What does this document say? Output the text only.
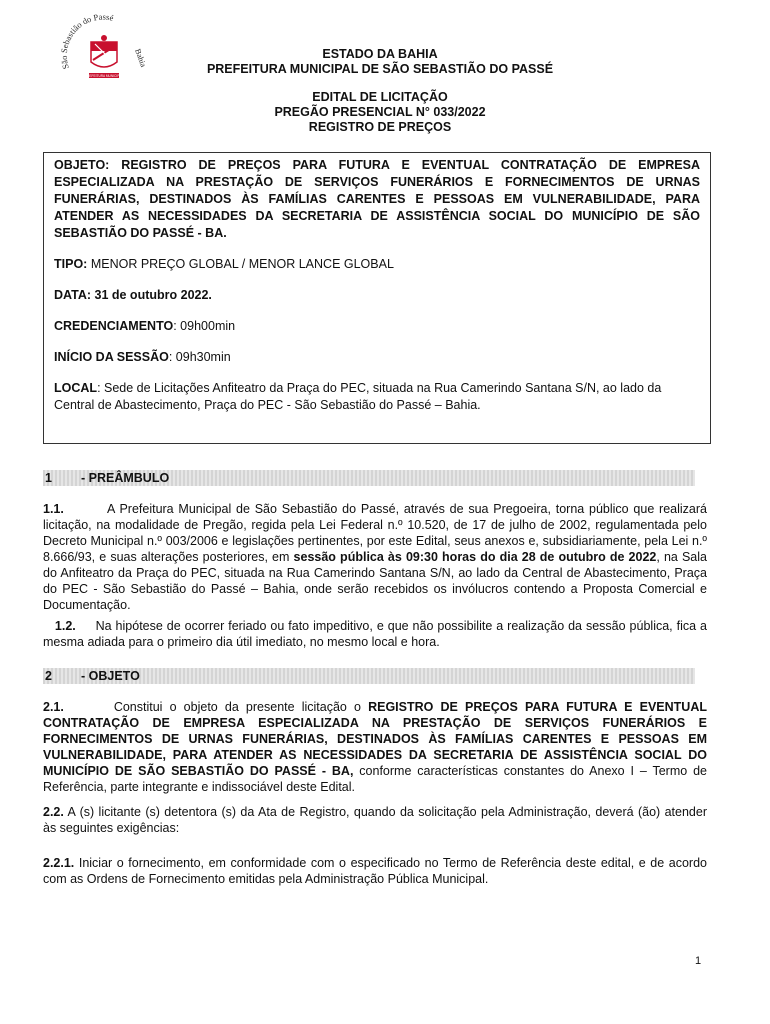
São Sebastião do Passé
Bahia
PREFEITURA MUNICIPAL
ESTADO DA BAHIA
PREFEITURA MUNICIPAL DE SÃO SEBASTIÃO DO PASSÉ
EDITAL DE LICITAÇÃO
PREGÃO PRESENCIAL N° 033/2022
REGISTRO DE PREÇOS

OBJETO: REGISTRO DE PREÇOS PARA FUTURA E EVENTUAL CONTRATAÇÃO DE EMPRESA ESPECIALIZADA NA PRESTAÇÃO DE SERVIÇOS FUNERÁRIOS E FORNECIMENTOS DE URNAS FUNERÁRIAS, DESTINADOS ÀS FAMÍLIAS CARENTES E PESSOAS EM VULNERABILIDADE, PARA ATENDER AS NECESSIDADES DA SECRETARIA DE ASSISTÊNCIA SOCIAL DO MUNICÍPIO DE SÃO SEBASTIÃO DO PASSÉ - BA.

TIPO: MENOR PREÇO GLOBAL / MENOR LANCE GLOBAL

DATA: 31 de outubro 2022.

CREDENCIAMENTO: 09h00min

INÍCIO DA SESSÃO: 09h30min

LOCAL: Sede de Licitações Anfiteatro da Praça do PEC, situada na Rua Camerindo Santana S/N, ao lado da Central de Abastecimento, Praça do PEC - São Sebastião do Passé – Bahia.

1 - PREÂMBULO

1.1.	A Prefeitura Municipal de São Sebastião do Passé, através de sua Pregoeira, torna público que realizará licitação, na modalidade de Pregão, regida pela Lei Federal n.º 10.520, de 17 de julho de 2002, regulamentada pelo Decreto Municipal n.º 003/2006 e legislações pertinentes, por este Edital, seus anexos e, subsidiariamente, pela Lei n.º 8.666/93, e suas alterações posteriores, em sessão pública às 09:30 horas do dia 28 de outubro de 2022, na Sala do Anfiteatro da Praça do PEC, situada na Rua Camerindo Santana S/N, ao lado da Central de Abastecimento, Praça do PEC - São Sebastião do Passé – Bahia, onde serão recebidos os invólucros contendo a Proposta Comercial e Documentação.

1.2. Na hipótese de ocorrer feriado ou fato impeditivo, e que não possibilite a realização da sessão pública, fica a mesma adiada para o primeiro dia útil imediato, no mesmo local e hora.

2 - OBJETO

2.1.	Constitui o objeto da presente licitação o REGISTRO DE PREÇOS PARA FUTURA E EVENTUAL CONTRATAÇÃO DE EMPRESA ESPECIALIZADA NA PRESTAÇÃO DE SERVIÇOS FUNERÁRIOS E FORNECIMENTOS DE URNAS FUNERÁRIAS, DESTINADOS ÀS FAMÍLIAS CARENTES E PESSOAS EM VULNERABILIDADE, PARA ATENDER AS NECESSIDADES DA SECRETARIA DE ASSISTÊNCIA SOCIAL DO MUNICÍPIO DE SÃO SEBASTIÃO DO PASSÉ - BA, conforme características constantes do Anexo I – Termo de Referência, parte integrante e indissociável deste Edital.

2.2. A (s) licitante (s) detentora (s) da Ata de Registro, quando da solicitação pela Administração, deverá (ão) atender às seguintes exigências:

2.2.1. Iniciar o fornecimento, em conformidade com o especificado no Termo de Referência deste edital, e de acordo com as Ordens de Fornecimento emitidas pela Administração Pública Municipal.

1
